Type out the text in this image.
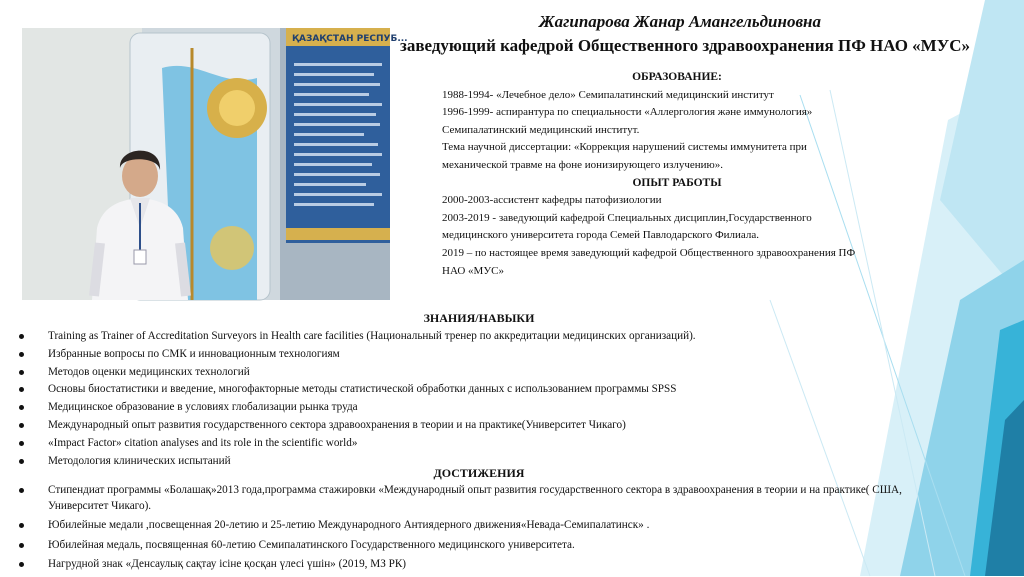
ҚАЗАҚСТАН РЕСПУБ...
Жагипарова Жанар Амангельдиновна
заведующий кафедрой Общественного здравоохранения ПФ НАО «МУС»
ОБРАЗОВАНИЕ:
1988-1994- «Лечебное дело» Семипалатинский медицинский институт
1996-1999- аспирантура по специальности «Аллергология және иммунология»
Семипалатинский медицинский институт.
Тема научной диссертации: «Коррекция нарушений системы иммунитета при
механической травме на фоне ионизирующего излучению».
ОПЫТ РАБОТЫ
2000-2003-ассистент кафедры патофизиологии
2003-2019 - заведующий кафедрой Специальных дисциплин,Государственного
медицинского университета города Семей Павлодарского Филиала.
2019 – по настоящее время заведующий кафедрой Общественного здравоохранения ПФ
НАО «МУС»
ЗНАНИЯ/НАВЫКИ
Training as Trainer of Accreditation Surveyors in Health care facilities (Национальный тренер по аккредитации медицинских организаций).
Избранные вопросы по СМК и инновационным технологиям
Методов оценки медицинских технологий
Основы биостатистики и введение, многофакторные методы статистической обработки данных с использованием программы SPSS
Медицинское образование в условиях глобализации рынка труда
Международный опыт развития государственного сектора здравоохранения в теории и на практике(Университет Чикаго)
«Impact Factor» citation analyses and its role in the scientific world»
Методология клинических испытаний
ДОСТИЖЕНИЯ
Стипендиат программы «Болашақ»2013 года,программа стажировки «Международный опыт развития государственного сектора в здравоохранения в теории и на практике( США, Университет Чикаго).
Юбилейные медали ,посвещенная 20-летию и 25-летию Международного Антиядерного движения«Невада-Семипалатинск» .
Юбилейная медаль, посвященная 60-летию Семипалатинского Государственного медицинского университета.
Нагрудной знак «Денсаулық сақтау ісіне қосқан үлесі үшін» (2019, МЗ РК)
